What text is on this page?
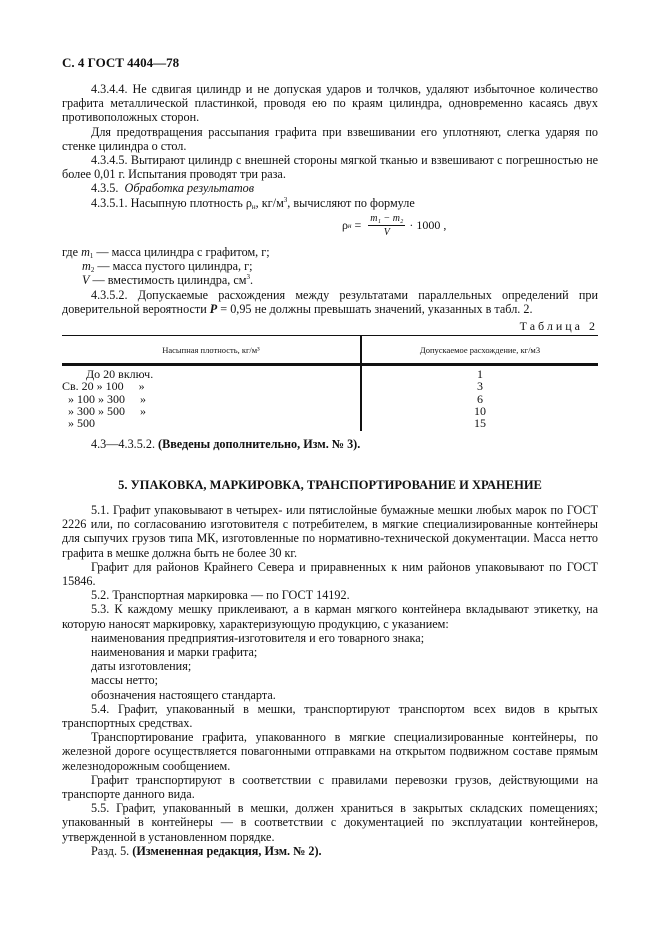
С. 4 ГОСТ 4404—78

4.3.4.4. Не сдвигая цилиндр и не допуская ударов и толчков, удаляют избыточное количество графита металлической пластинкой, проводя ею по краям цилиндра, одновременно касаясь двух противоположных сторон.

Для предотвращения рассыпания графита при взвешивании его уплотняют, слегка ударяя по стенке цилиндра о стол.

4.3.4.5. Вытирают цилиндр с внешней стороны мягкой тканью и взвешивают с погрешностью не более 0,01 г. Испытания проводят три раза.

4.3.5. Обработка результатов

4.3.5.1. Насыпную плотность $\rho_н$, $кг/м^3$, вычисляют по формуле

ρ $н = \frac{\text{m₁ − m₂}}{V} \cdot 1000$ ,

где $m_1$ — масса цилиндра с графитом, г;

$m_2$ — масса пустого цилиндра, г;

V — вместимость цилиндра, $см^3$.

4.3.5.2. Допускаемые расхождения между результатами параллельных определений при доверительной вероятности P = 0,95 не должны превышать значений, указанных в табл. 2.

Таблица 2
Насыпная плотность, кг/м³	Допускаемое расхождение, кг/м3
До 20 включ.	1
Св. 20 » 100     »	3
» 100 » 300     »	6
» 300 » 500     »	10
» 500	15

4.3—4.3.5.2. (Введены дополнительно, Изм. № 3).

5. УПАКОВКА, МАРКИРОВКА, ТРАНСПОРТИРОВАНИЕ И ХРАНЕНИЕ

5.1. Графит упаковывают в четырех- или пятислойные бумажные мешки любых марок по ГОСТ 2226 или, по согласованию изготовителя с потребителем, в мягкие специализированные контейнеры для сыпучих грузов типа МК, изготовленные по нормативно-технической документации. Масса нетто графита в мешке должна быть не более 30 кг.

Графит для районов Крайнего Севера и приравненных к ним районов упаковывают по ГОСТ 15846.

5.2. Транспортная маркировка — по ГОСТ 14192.

5.3. К каждому мешку приклеивают, а в карман мягкого контейнера вкладывают этикетку, на которую наносят маркировку, характеризующую продукцию, с указанием:

наименования предприятия-изготовителя и его товарного знака;

наименования и марки графита;

даты изготовления;

массы нетто;

обозначения настоящего стандарта.

5.4. Графит, упакованный в мешки, транспортируют транспортом всех видов в крытых транспортных средствах.

Транспортирование графита, упакованного в мягкие специализированные контейнеры, по железной дороге осуществляется повагонными отправками на открытом подвижном составе прямым железнодорожным сообщением.

Графит транспортируют в соответствии с правилами перевозки грузов, действующими на транспорте данного вида.

5.5. Графит, упакованный в мешки, должен храниться в закрытых складских помещениях; упакованный в контейнеры — в соответствии с документацией по эксплуатации контейнеров, утвержденной в установленном порядке.

Разд. 5. (Измененная редакция, Изм. № 2).
